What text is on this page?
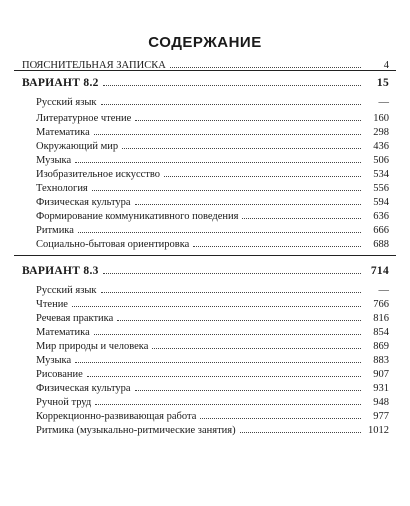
СОДЕРЖАНИЕ
ПОЯСНИТЕЛЬНАЯ ЗАПИСКА	4
ВАРИАНТ 8.2	15
Русский язык	—
Литературное чтение	160
Математика	298
Окружающий мир	436
Музыка	506
Изобразительное искусство	534
Технология	556
Физическая культура	594
Формирование коммуникативного поведения	636
Ритмика	666
Социально-бытовая ориентировка	688
ВАРИАНТ 8.3	714
Русский язык	—
Чтение	766
Речевая практика	816
Математика	854
Мир природы и человека	869
Музыка	883
Рисование	907
Физическая культура	931
Ручной труд	948
Коррекционно-развивающая работа	977
Ритмика (музыкально-ритмические занятия)	1012
